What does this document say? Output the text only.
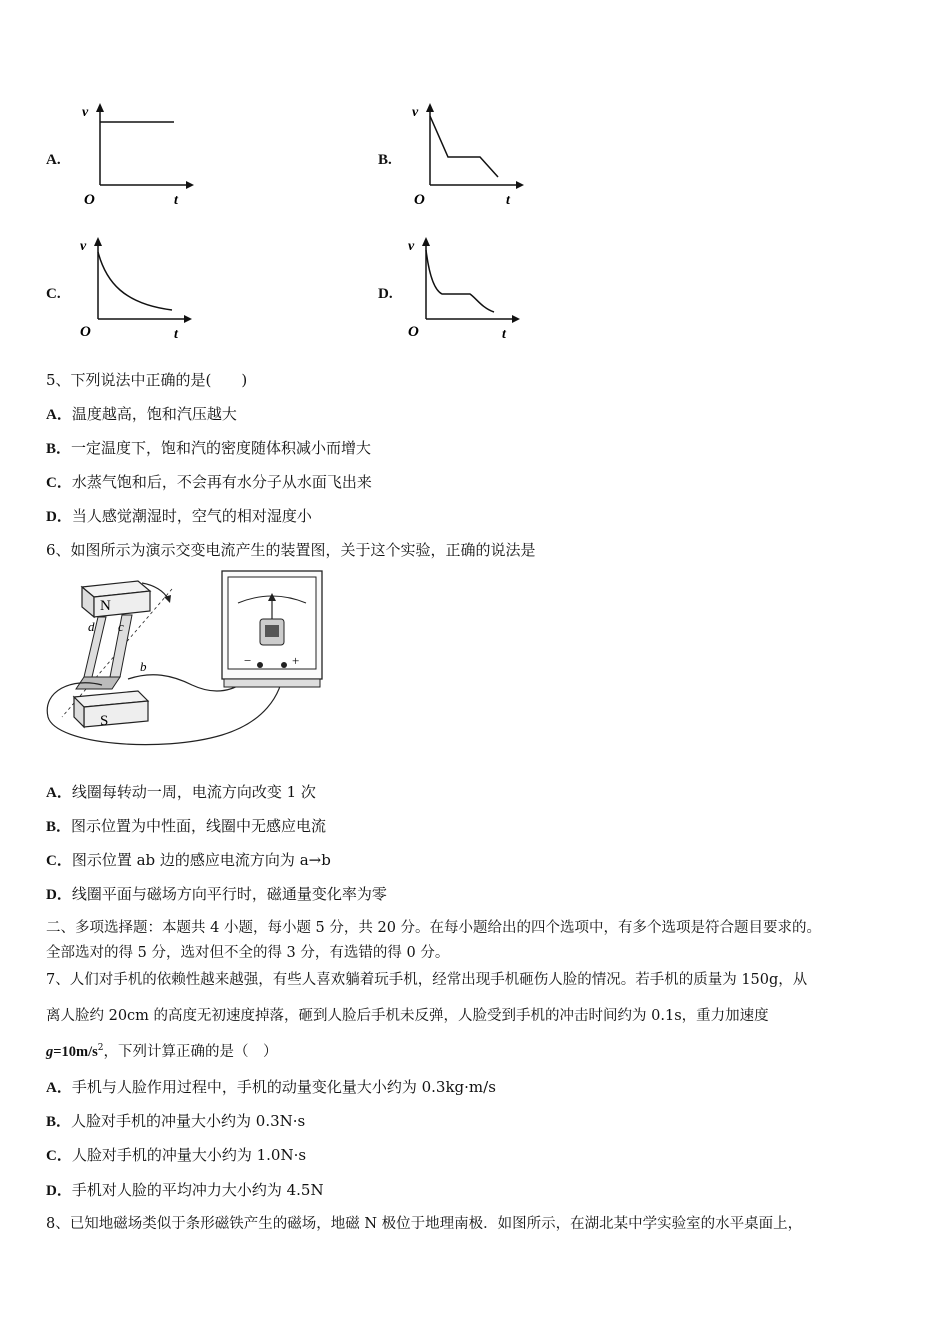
A.
v
t
O
B.
v
t
O
C.
v
t
O
D.
v
t
O
5、下列说法中正确的是(　　)
A．温度越高，饱和汽压越大
B．一定温度下，饱和汽的密度随体积减小而增大
C．水蒸气饱和后，不会再有水分子从水面飞出来
D．当人感觉潮湿时，空气的相对湿度小
6、如图所示为演示交变电流产生的装置图，关于这个实验，正确的说法是
N
d c
b
S
−	+
A．线圈每转动一周，电流方向改变 1 次
B．图示位置为中性面，线圈中无感应电流
C．图示位置 ab 边的感应电流方向为 a→b
D．线圈平面与磁场方向平行时，磁通量变化率为零
二、多项选择题：本题共 4 小题，每小题 5 分，共 20 分。在每小题给出的四个选项中，有多个选项是符合题目要求的。
全部选对的得 5 分，选对但不全的得 3 分，有选错的得 0 分。
7、人们对手机的依赖性越来越强，有些人喜欢躺着玩手机，经常出现手机砸伤人脸的情况。若手机的质量为 150g，从
离人脸约 20cm 的高度无初速度掉落，砸到人脸后手机未反弹，人脸受到手机的冲击时间约为 0.1s，重力加速度
$g=10m/s^2$，下列计算正确的是（　）
A．手机与人脸作用过程中，手机的动量变化量大小约为 0.3kg·m/s
B．人脸对手机的冲量大小约为 0.3N·s
C．人脸对手机的冲量大小约为 1.0N·s
D．手机对人脸的平均冲力大小约为 4.5N
8、已知地磁场类似于条形磁铁产生的磁场，地磁 N 极位于地理南极．如图所示，在湖北某中学实验室的水平桌面上，
